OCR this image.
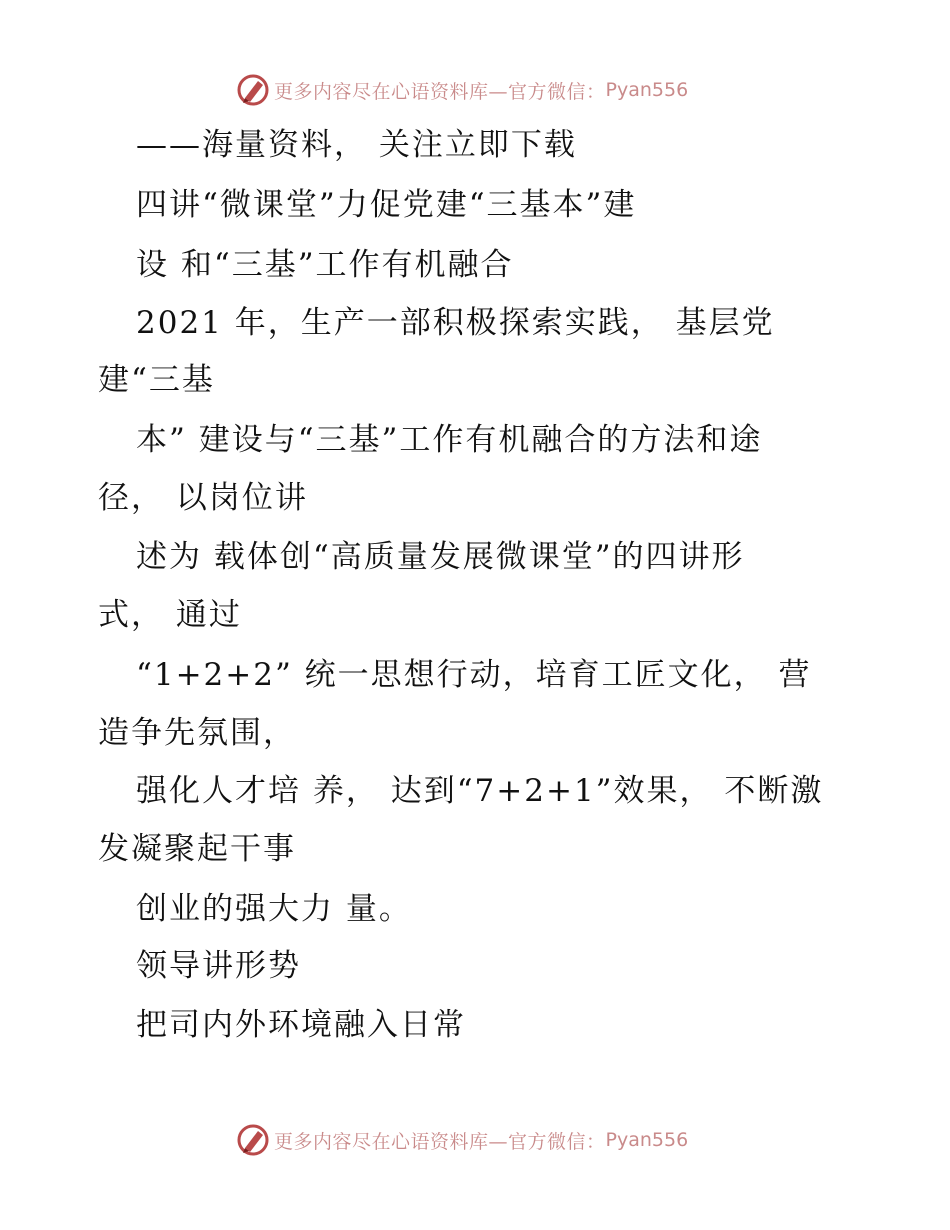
更多内容尽在心语资料库—官方微信： Pyan556
——海量资料， 关注立即下载
四讲“微课堂”力促党建“三基本”建
设 和“三基”工作有机融合
2021 年，生产一部积极探索实践， 基层党
建“三基
本” 建设与“三基”工作有机融合的方法和途
径， 以岗位讲
述为 载体创“高质量发展微课堂”的四讲形
式， 通过
“1+2+2” 统一思想行动，培育工匠文化， 营
造争先氛围，
强化人才培 养， 达到“7+2+1”效果， 不断激
发凝聚起干事
创业的强大力 量。
领导讲形势
把司内外环境融入日常
更多内容尽在心语资料库—官方微信： Pyan556
